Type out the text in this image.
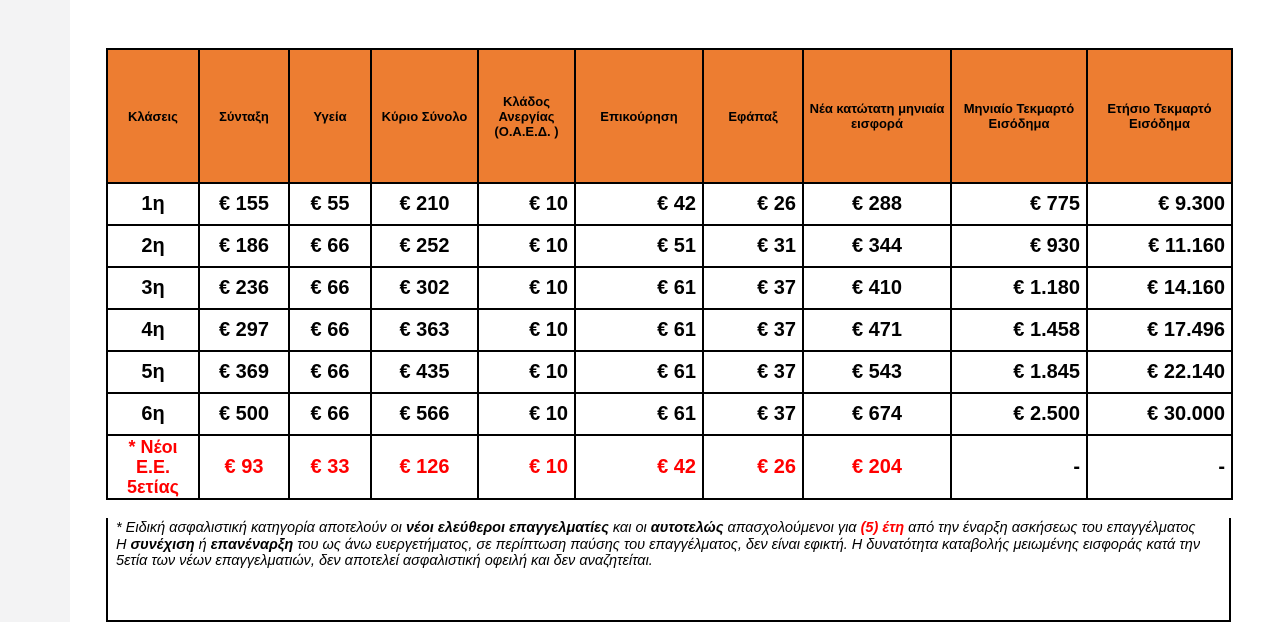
Κλάσεις	Σύνταξη	Υγεία	Κύριο Σύνολο	Κλάδος Ανεργίας (Ο.Α.Ε.Δ. )	Επικούρηση	Εφάπαξ	Νέα κατώτατη μηνιαία εισφορά	Μηνιαίο Τεκμαρτό Εισόδημα	Ετήσιο Τεκμαρτό Εισόδημα
1η	€ 155	€ 55	€ 210	€ 10	€ 42	€ 26	€ 288	€ 775	€ 9.300
2η	€ 186	€ 66	€ 252	€ 10	€ 51	€ 31	€ 344	€ 930	€ 11.160
3η	€ 236	€ 66	€ 302	€ 10	€ 61	€ 37	€ 410	€ 1.180	€ 14.160
4η	€ 297	€ 66	€ 363	€ 10	€ 61	€ 37	€ 471	€ 1.458	€ 17.496
5η	€ 369	€ 66	€ 435	€ 10	€ 61	€ 37	€ 543	€ 1.845	€ 22.140
6η	€ 500	€ 66	€ 566	€ 10	€ 61	€ 37	€ 674	€ 2.500	€ 30.000
* Νέοι Ε.Ε. 5ετίας	€ 93	€ 33	€ 126	€ 10	€ 42	€ 26	€ 204	-	-
* Ειδική ασφαλιστική κατηγορία αποτελούν οι νέοι ελεύθεροι επαγγελματίες και οι αυτοτελώς απασχολούμενοι για (5) έτη από την έναρξη ασκήσεως του επαγγέλματος
Η συνέχιση ή επανέναρξη του ως άνω ευεργετήματος, σε περίπτωση παύσης του επαγγέλματος, δεν είναι εφικτή. Η δυνατότητα καταβολής μειωμένης εισφοράς κατά την 5ετία των νέων επαγγελματιών, δεν αποτελεί ασφαλιστική οφειλή και δεν αναζητείται.
